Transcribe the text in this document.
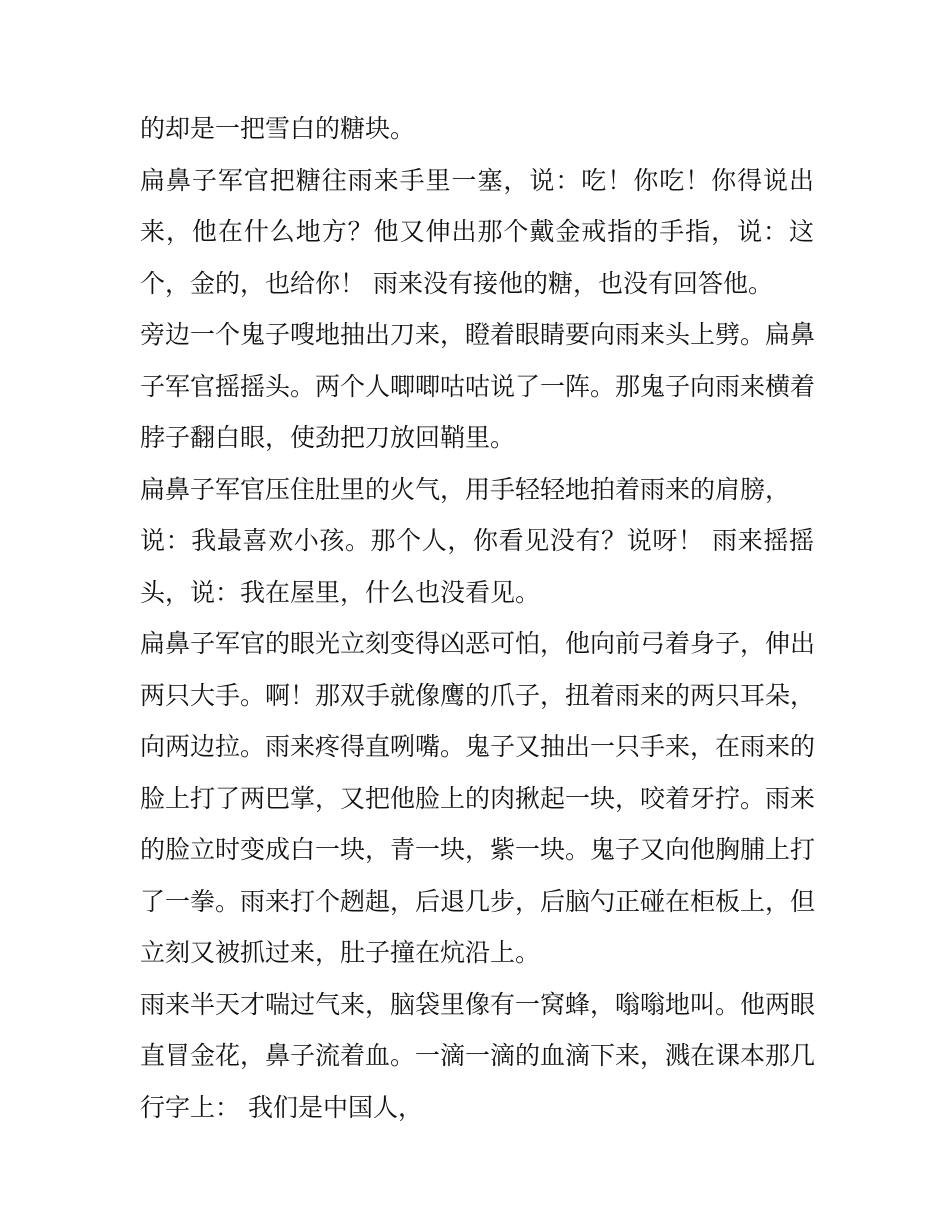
的却是一把雪白的糖块。
扁鼻子军官把糖往雨来手里一塞，说：吃！你吃！你得说出
来，他在什么地方？他又伸出那个戴金戒指的手指，说：这
个，金的，也给你！ 雨来没有接他的糖，也没有回答他。
旁边一个鬼子嗖地抽出刀来，瞪着眼睛要向雨来头上劈。扁鼻
子军官摇摇头。两个人唧唧咕咕说了一阵。那鬼子向雨来横着
脖子翻白眼，使劲把刀放回鞘里。
扁鼻子军官压住肚里的火气，用手轻轻地拍着雨来的肩膀，
说：我最喜欢小孩。那个人，你看见没有？说呀！ 雨来摇摇
头，说：我在屋里，什么也没看见。
扁鼻子军官的眼光立刻变得凶恶可怕，他向前弓着身子，伸出
两只大手。啊！那双手就像鹰的爪子，扭着雨来的两只耳朵，
向两边拉。雨来疼得直咧嘴。鬼子又抽出一只手来，在雨来的
脸上打了两巴掌，又把他脸上的肉揪起一块，咬着牙拧。雨来
的脸立时变成白一块，青一块，紫一块。鬼子又向他胸脯上打
了一拳。雨来打个趔趄，后退几步，后脑勺正碰在柜板上，但
立刻又被抓过来，肚子撞在炕沿上。
雨来半天才喘过气来，脑袋里像有一窝蜂，嗡嗡地叫。他两眼
直冒金花，鼻子流着血。一滴一滴的血滴下来，溅在课本那几
行字上： 我们是中国人，
